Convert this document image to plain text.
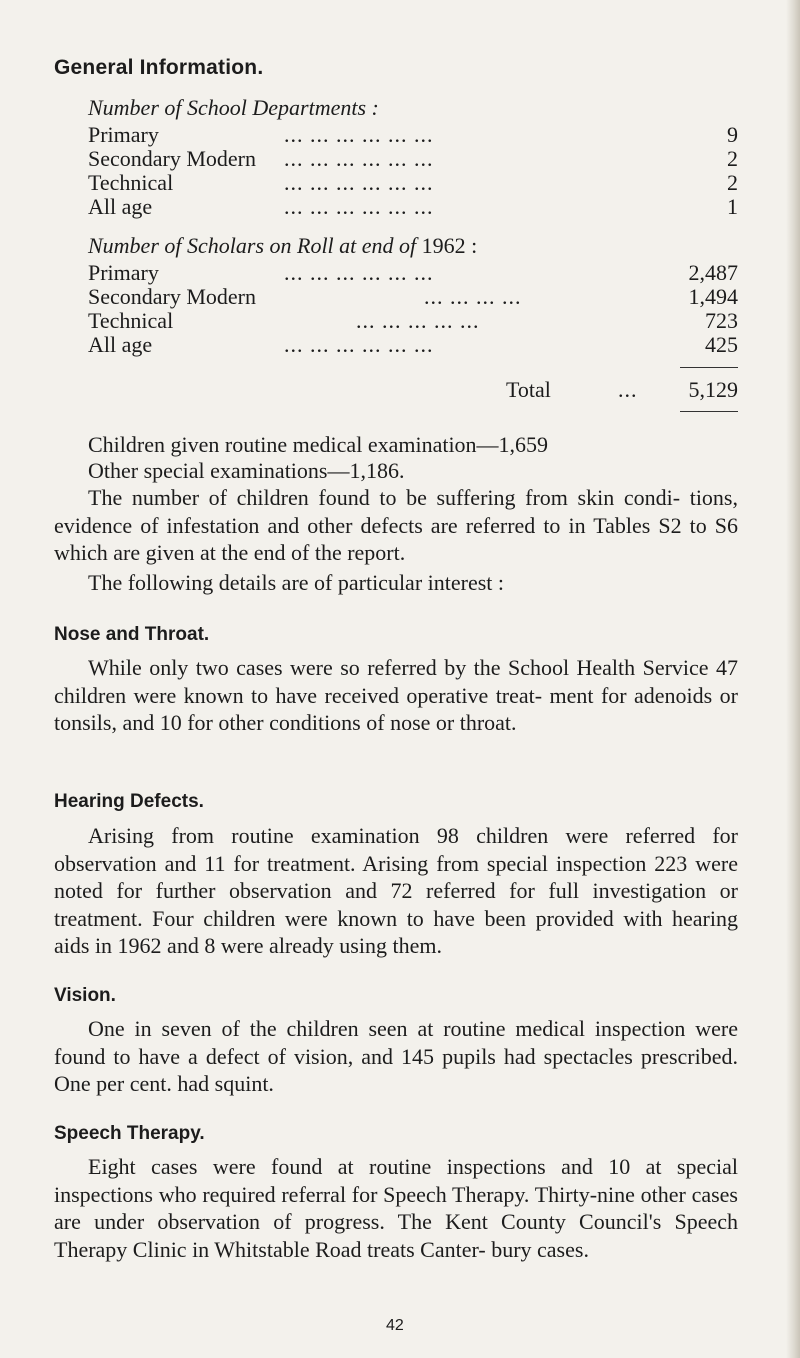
General Information.
Number of School Departments :
Primary	... ... ... ... ... ...	9
Secondary Modern ... ... ... ... ... ...	2
Technical	... ... ... ... ... ...	2
All age	... ... ... ... ... ...	1
Number of Scholars on Roll at end of 1962 :
Primary	... ... ... ... ... ...	2,487
Secondary Modern	... ... ... ...	1,494
Technical	... ... ... ... ...	723
All age	... ... ... ... ... ...	425
Total	... 5,129
Children given routine medical examination—1,659
Other special examinations—1,186.
The number of children found to be suffering from skin condi- tions, evidence of infestation and other defects are referred to in Tables S2 to S6 which are given at the end of the report.
The following details are of particular interest :
Nose and Throat.
While only two cases were so referred by the School Health Service 47 children were known to have received operative treat- ment for adenoids or tonsils, and 10 for other conditions of nose or throat.
Hearing Defects.
Arising from routine examination 98 children were referred for observation and 11 for treatment. Arising from special inspection 223 were noted for further observation and 72 referred for full investigation or treatment. Four children were known to have been provided with hearing aids in 1962 and 8 were already using them.
Vision.
One in seven of the children seen at routine medical inspection were found to have a defect of vision, and 145 pupils had spectacles prescribed. One per cent. had squint.
Speech Therapy.
Eight cases were found at routine inspections and 10 at special inspections who required referral for Speech Therapy. Thirty-nine other cases are under observation of progress. The Kent County Council's Speech Therapy Clinic in Whitstable Road treats Canter- bury cases.
42
